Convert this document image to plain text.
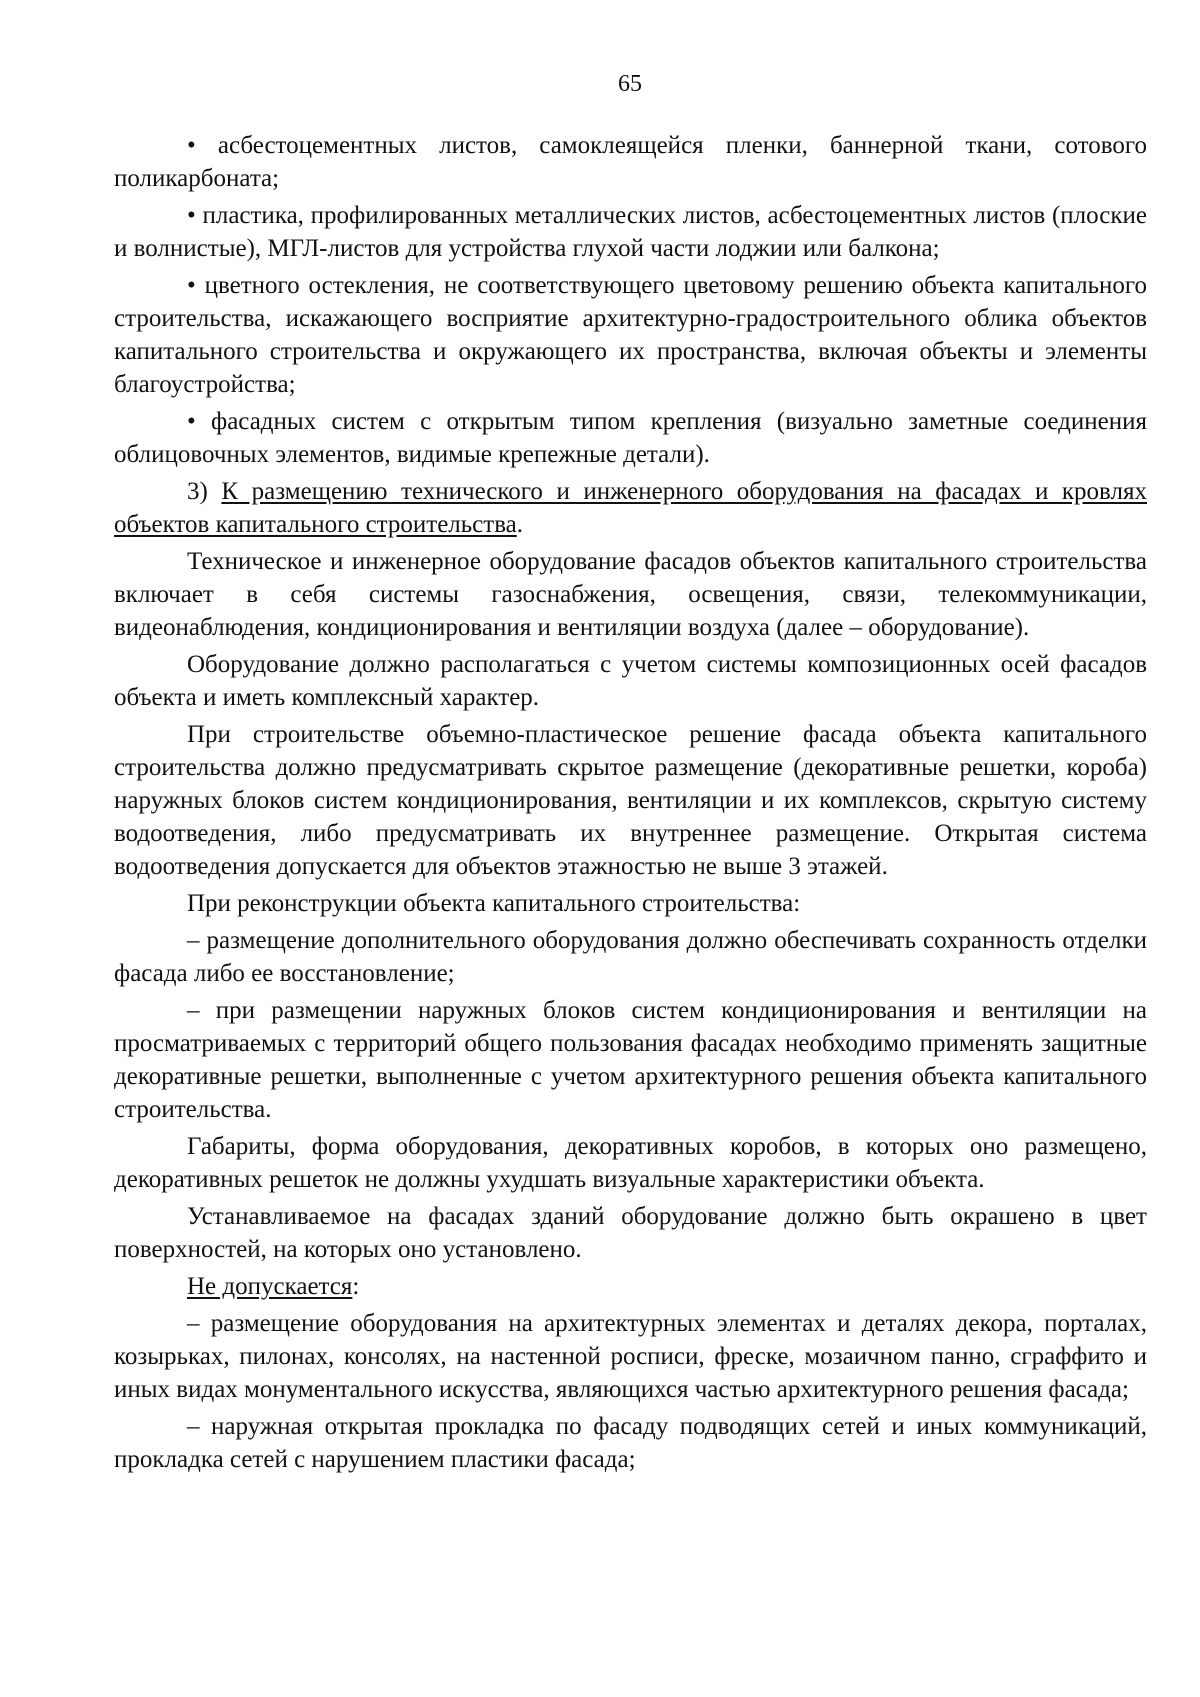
65

• асбестоцементных листов, самоклеящейся пленки, баннерной ткани, сотового поликарбоната;

• пластика, профилированных металлических листов, асбестоцементных листов (плоские и волнистые), МГЛ-листов для устройства глухой части лоджии или балкона;

• цветного остекления, не соответствующего цветовому решению объекта капитального строительства, искажающего восприятие архитектурно-градостроительного облика объектов капитального строительства и окружающего их пространства, включая объекты и элементы благоустройства;

• фасадных систем с открытым типом крепления (визуально заметные соединения облицовочных элементов, видимые крепежные детали).

3) К размещению технического и инженерного оборудования на фасадах и кровлях объектов капитального строительства.

Техническое и инженерное оборудование фасадов объектов капитального строительства включает в себя системы газоснабжения, освещения, связи, телекоммуникации, видеонаблюдения, кондиционирования и вентиляции воздуха (далее – оборудование).

Оборудование должно располагаться с учетом системы композиционных осей фасадов объекта и иметь комплексный характер.

При строительстве объемно-пластическое решение фасада объекта капитального строительства должно предусматривать скрытое размещение (декоративные решетки, короба) наружных блоков систем кондиционирования, вентиляции и их комплексов, скрытую систему водоотведения, либо предусматривать их внутреннее размещение. Открытая система водоотведения допускается для объектов этажностью не выше 3 этажей.

При реконструкции объекта капитального строительства:

– размещение дополнительного оборудования должно обеспечивать сохранность отделки фасада либо ее восстановление;

– при размещении наружных блоков систем кондиционирования и вентиляции на просматриваемых с территорий общего пользования фасадах необходимо применять защитные декоративные решетки, выполненные с учетом архитектурного решения объекта капитального строительства.

Габариты, форма оборудования, декоративных коробов, в которых оно размещено, декоративных решеток не должны ухудшать визуальные характеристики объекта.

Устанавливаемое на фасадах зданий оборудование должно быть окрашено в цвет поверхностей, на которых оно установлено.

Не допускается:

– размещение оборудования на архитектурных элементах и деталях декора, порталах, козырьках, пилонах, консолях, на настенной росписи, фреске, мозаичном панно, сграффито и иных видах монументального искусства, являющихся частью архитектурного решения фасада;

– наружная открытая прокладка по фасаду подводящих сетей и иных коммуникаций, прокладка сетей с нарушением пластики фасада;
